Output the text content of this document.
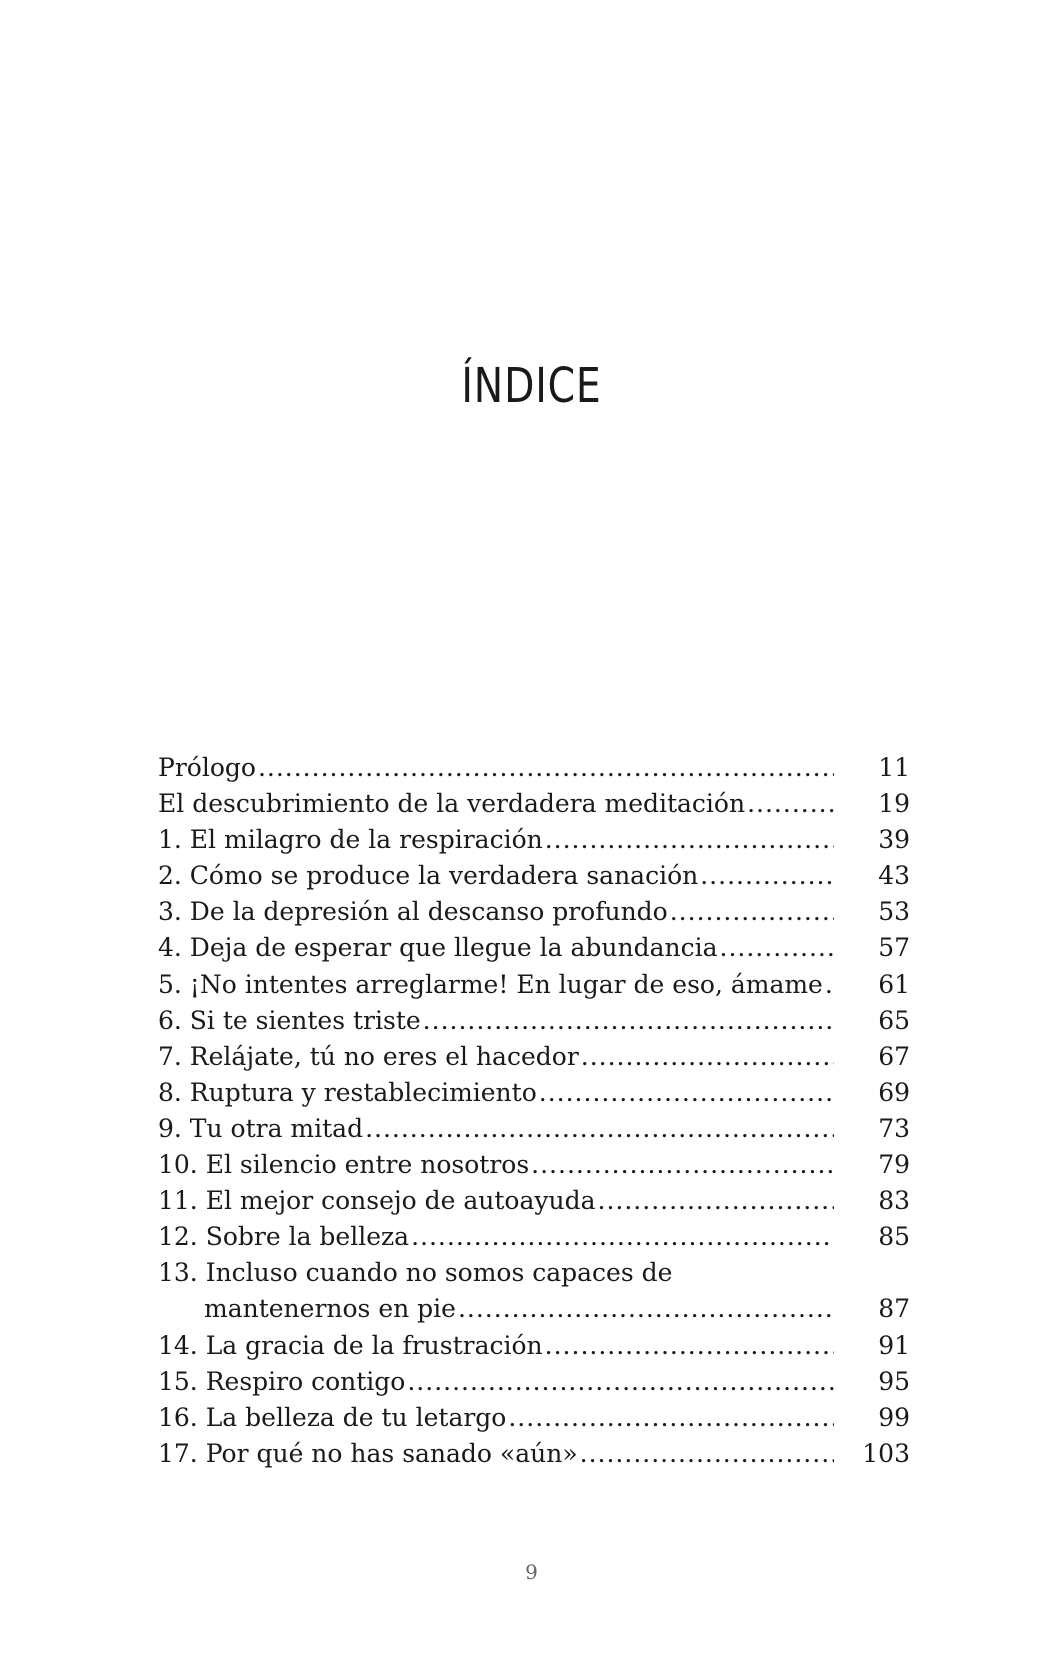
ÍNDICE
Prólogo .....	11
El descubrimiento de la verdadera meditación .....	19
1. El milagro de la respiración .....	39
2. Cómo se produce la verdadera sanación .....	43
3. De la depresión al descanso profundo .....	53
4. Deja de esperar que llegue la abundancia .....	57
5. ¡No intentes arreglarme! En lugar de eso, ámame .....	61
6. Si te sientes triste .....	65
7. Relájate, tú no eres el hacedor .....	67
8. Ruptura y restablecimiento .....	69
9. Tu otra mitad .....	73
10. El silencio entre nosotros .....	79
11. El mejor consejo de autoayuda .....	83
12. Sobre la belleza .....	85
13. Incluso cuando no somos capaces de
mantenernos en pie .....	87
14. La gracia de la frustración .....	91
15. Respiro contigo .....	95
16. La belleza de tu letargo .....	99
17. Por qué no has sanado «aún» .....	103
9
